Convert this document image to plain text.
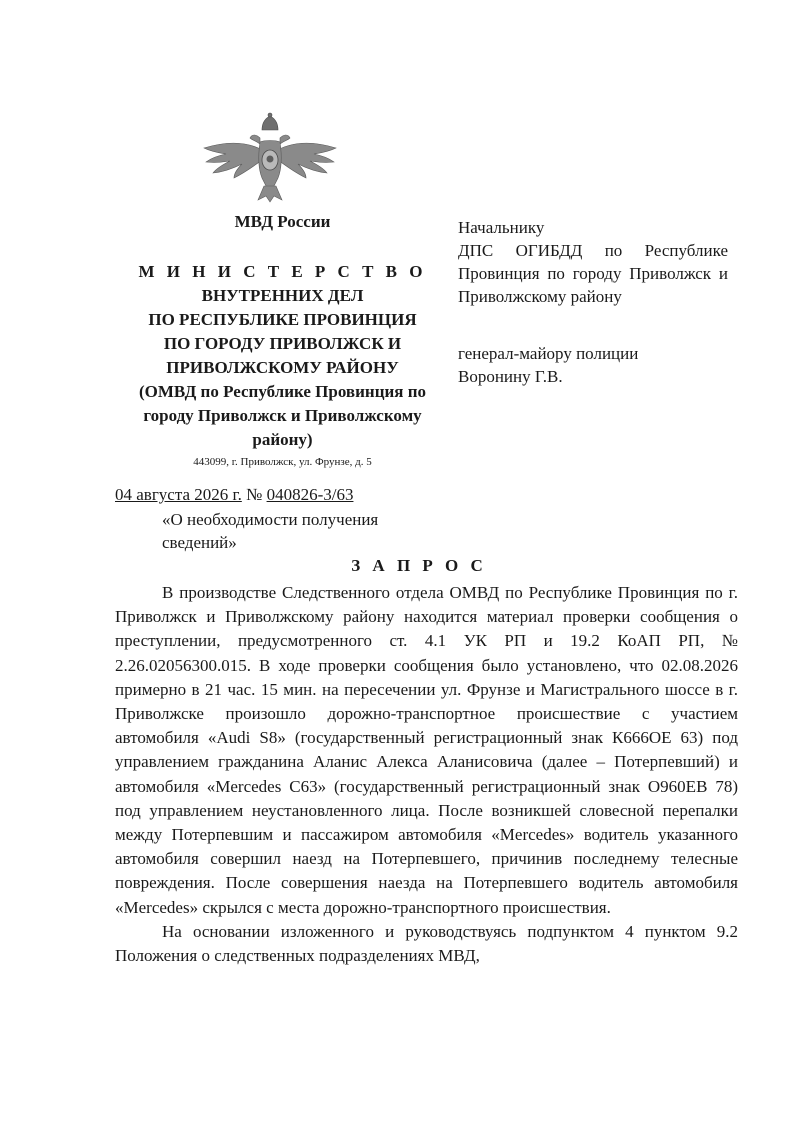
МВД России
М И Н И С Т Е Р С Т В О
ВНУТРЕННИХ ДЕЛ
ПО РЕСПУБЛИКЕ ПРОВИНЦИЯ
ПО ГОРОДУ ПРИВОЛЖСК И
ПРИВОЛЖСКОМУ РАЙОНУ
(ОМВД по Республике Провинция по городу Приволжск и Приволжскому району)
443099, г. Приволжск, ул. Фрунзе, д. 5
Начальнику
ДПС ОГИБДД по Республике Провинция по городу Приволжск и Приволжскому району
генерал-майору полиции
Воронину Г.В.
04 августа 2026 г. № 040826-3/63
«О необходимости получения сведений»
З А П Р О С

В производстве Следственного отдела ОМВД по Республике Провинция по г. Приволжск и Приволжскому району находится материал проверки сообщения о преступлении, предусмотренного ст. 4.1 УК РП и 19.2 КоАП РП, № 2.26.02056300.015. В ходе проверки сообщения было установлено, что 02.08.2026 примерно в 21 час. 15 мин. на пересечении ул. Фрунзе и Магистрального шоссе в г. Приволжске произошло дорожно-транспортное происшествие с участием автомобиля «Audi S8» (государственный регистрационный знак К666ОЕ 63) под управлением гражданина Аланис Алекса Аланисовича (далее – Потерпевший) и автомобиля «Mercedes C63» (государственный регистрационный знак О960ЕВ 78) под управлением неустановленного лица. После возникшей словесной перепалки между Потерпевшим и пассажиром автомобиля «Mercedes» водитель указанного автомобиля совершил наезд на Потерпевшего, причинив последнему телесные повреждения. После совершения наезда на Потерпевшего водитель автомобиля «Mercedes» скрылся с места дорожно-транспортного происшествия.

На основании изложенного и руководствуясь подпунктом 4 пунктом 9.2 Положения о следственных подразделениях МВД,
